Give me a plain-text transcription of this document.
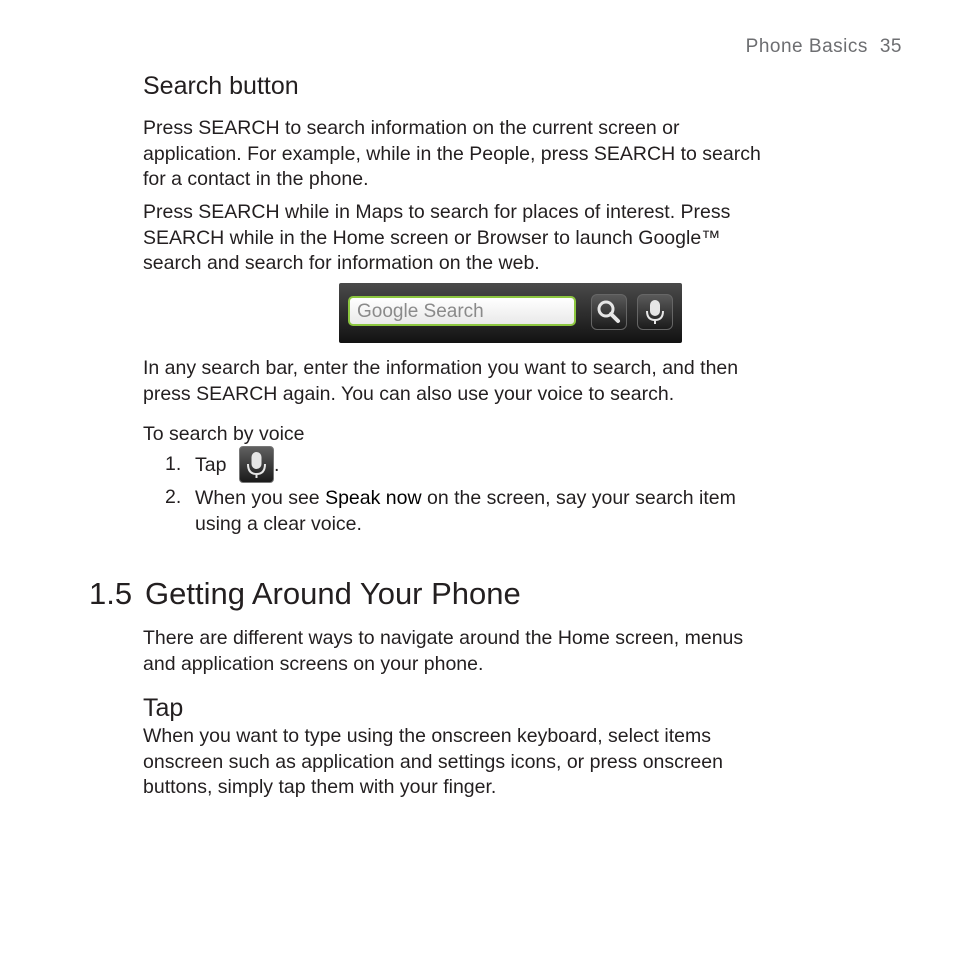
Phone Basics 35
Search button
Press SEARCH to search information on the current screen or
application. For example, while in the People, press SEARCH to search
for a contact in the phone.
Press SEARCH while in Maps to search for places of interest. Press
SEARCH while in the Home screen or Browser to launch Google™
search and search for information on the web.
Google Search
In any search bar, enter the information you want to search, and then
press SEARCH again. You can also use your voice to search.
To search by voice
1. Tap .
2. When you see Speak now on the screen, say your search item
using a clear voice.
1.5 Getting Around Your Phone
There are different ways to navigate around the Home screen, menus
and application screens on your phone.
Tap
When you want to type using the onscreen keyboard, select items
onscreen such as application and settings icons, or press onscreen
buttons, simply tap them with your finger.
